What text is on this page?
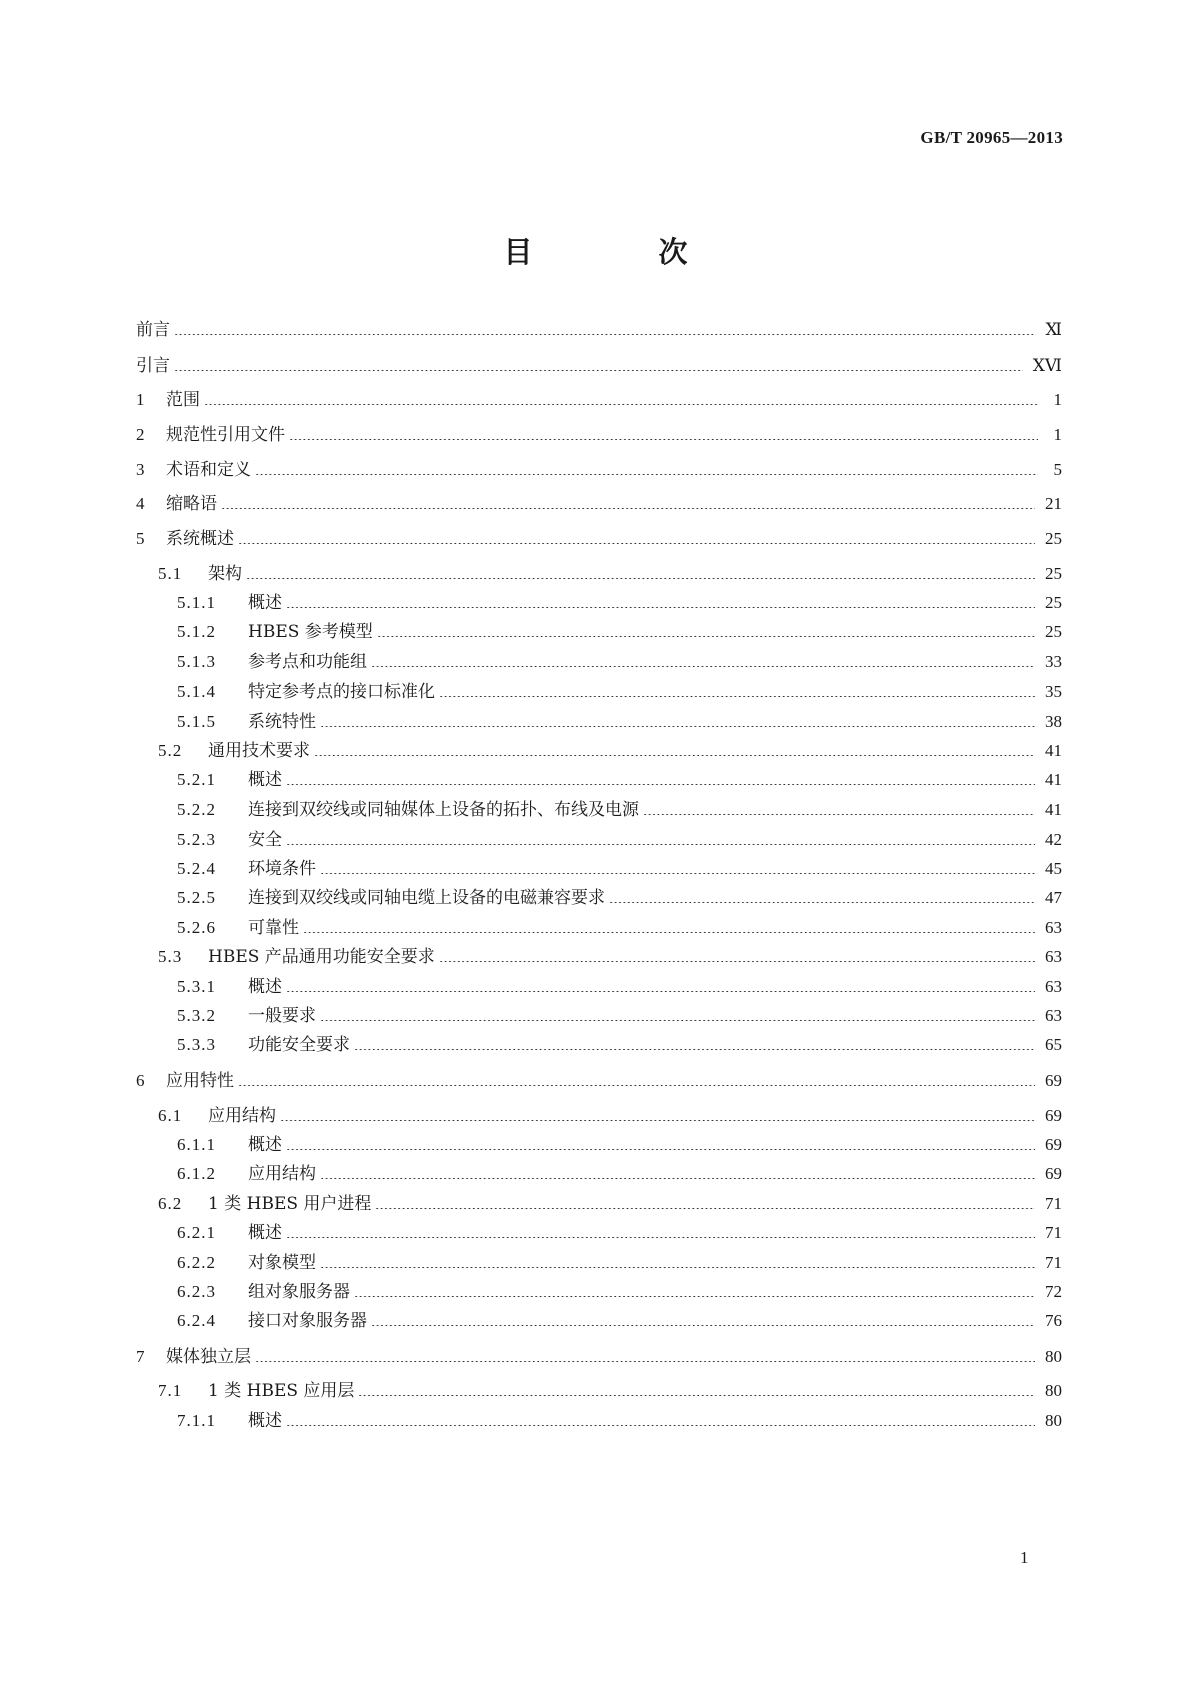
GB/T 20965—2013
目 次
前言	Ⅺ
引言	ⅩⅥ
1	范围	1
2	规范性引用文件	1
3	术语和定义	5
4	缩略语	21
5	系统概述	25
5.1	架构	25
5.1.1	概述	25
5.1.2	HBES 参考模型	25
5.1.3	参考点和功能组	33
5.1.4	特定参考点的接口标准化	35
5.1.5	系统特性	38
5.2	通用技术要求	41
5.2.1	概述	41
5.2.2	连接到双绞线或同轴媒体上设备的拓扑、布线及电源	41
5.2.3	安全	42
5.2.4	环境条件	45
5.2.5	连接到双绞线或同轴电缆上设备的电磁兼容要求	47
5.2.6	可靠性	63
5.3	HBES 产品通用功能安全要求	63
5.3.1	概述	63
5.3.2	一般要求	63
5.3.3	功能安全要求	65
6	应用特性	69
6.1	应用结构	69
6.1.1	概述	69
6.1.2	应用结构	69
6.2	1 类 HBES 用户进程	71
6.2.1	概述	71
6.2.2	对象模型	71
6.2.3	组对象服务器	72
6.2.4	接口对象服务器	76
7	媒体独立层	80
7.1	1 类 HBES 应用层	80
7.1.1	概述	80
1
